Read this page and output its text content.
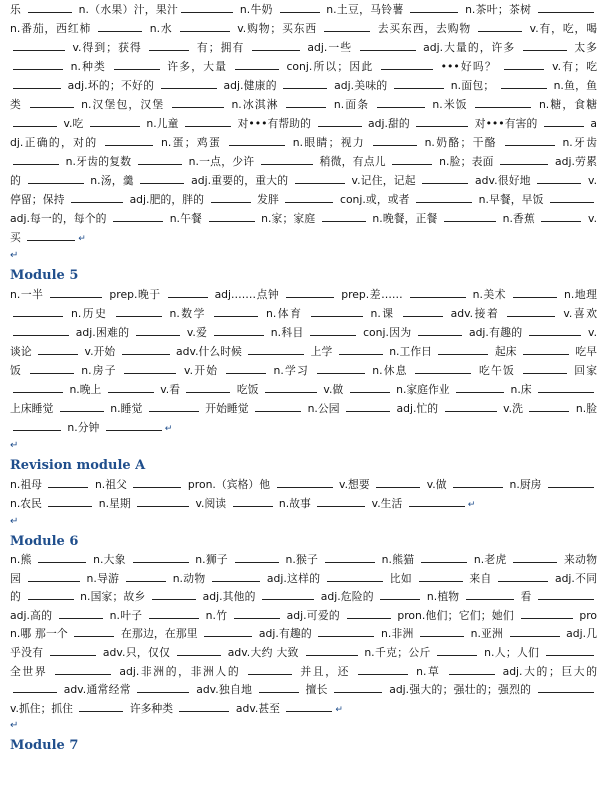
乐	n.（水果）汁，果汁	n.牛奶	n.土豆，马铃薯	n.茶叶；茶树  n.番茄，西红柿	n.水	v.购物；买东西	去买东西，去购物	v.有，吃，喝  v.得到；获得	有；拥有	adj.一些	adj.大量的，许多	太多  n.种类	许多，大量	conj.所以；因此	•••好吗？	v.有；吃  adj.坏的；不好的	adj.健康的	adj.美味的	n.面包；	n.鱼，鱼类	n.汉堡包，汉堡	n.冰淇淋	n.面条	n.米饭	n.糖，食糖  v.吃	n.儿童	对•••有帮助的	adj.甜的	对•••有害的	adj.正确的，对的	n.蛋；鸡蛋	n.眼睛；视力	n.奶酪；干酪	n.牙齿  n.牙齿的复数	n.一点，少许	稍微，有点儿	n.脸；表面	adj.劳累的	n.汤，羹	adj.重要的，重大的	v.记住，记起	adv.很好地	v.停留；保持	adj.肥的，胖的	发胖	conj.或，或者	n.早餐，早饭  adj.每一的，每个的	n.午餐	n.家；家庭	n.晚餐，正餐	n.香蕉	v.买	↵

↵
Module 5

n.一半	prep.晚于	adj.……点钟	prep.差……	n.美术	n.地理  n.历史	n.数学	n.体育	n.课	adv.接着	v.喜欢  adj.困难的	v.爱	n.科目	conj.因为	adj.有趣的	v.谈论	v.开始	adv.什么时候	上学	n.工作日	起床	吃早饭	n.房子	v.开始	n.学习	n.休息	吃午饭	回家  n.晚上	v.看	吃饭	v.做	n.家庭作业	n.床  上床睡觉	n.睡觉	开始睡觉	n.公园	adj.忙的	v.洗	n.脸  n.分钟	↵

↵
Revision module A

n.祖母	n.祖父	pron.（宾格）他	v.想要	v.做	n.厨房  n.农民	n.星期	v.阅读	n.故事	v.生活	↵

↵
Module 6

n.熊	n.大象	n.狮子	n.猴子	n.熊猫	n.老虎	来动物园	n.导游	n.动物	adj.这样的	比如	来自	adj.不同的	n.国家；故乡	adj.其他的	adj.危险的	n.植物	看  adj.高的	n.叶子	n.竹	adj.可爱的	pron.他们；它们；她们	pron.哪 那一个	在那边，在那里	adj.有趣的	n.非洲	n.亚洲	adj.几乎没有	adv.只，仅仅	adv.大约 大致	n.千克；公斤	n.人；人们  全世界	adj.非洲的，非洲人的	并且，还	n.草	adj.大的；巨大的  adv.通常经常	adv.独自地	擅长	adj.强大的；强壮的；强烈的  v.抓住；抓住	许多种类	adv.甚至	↵

↵
Module 7
